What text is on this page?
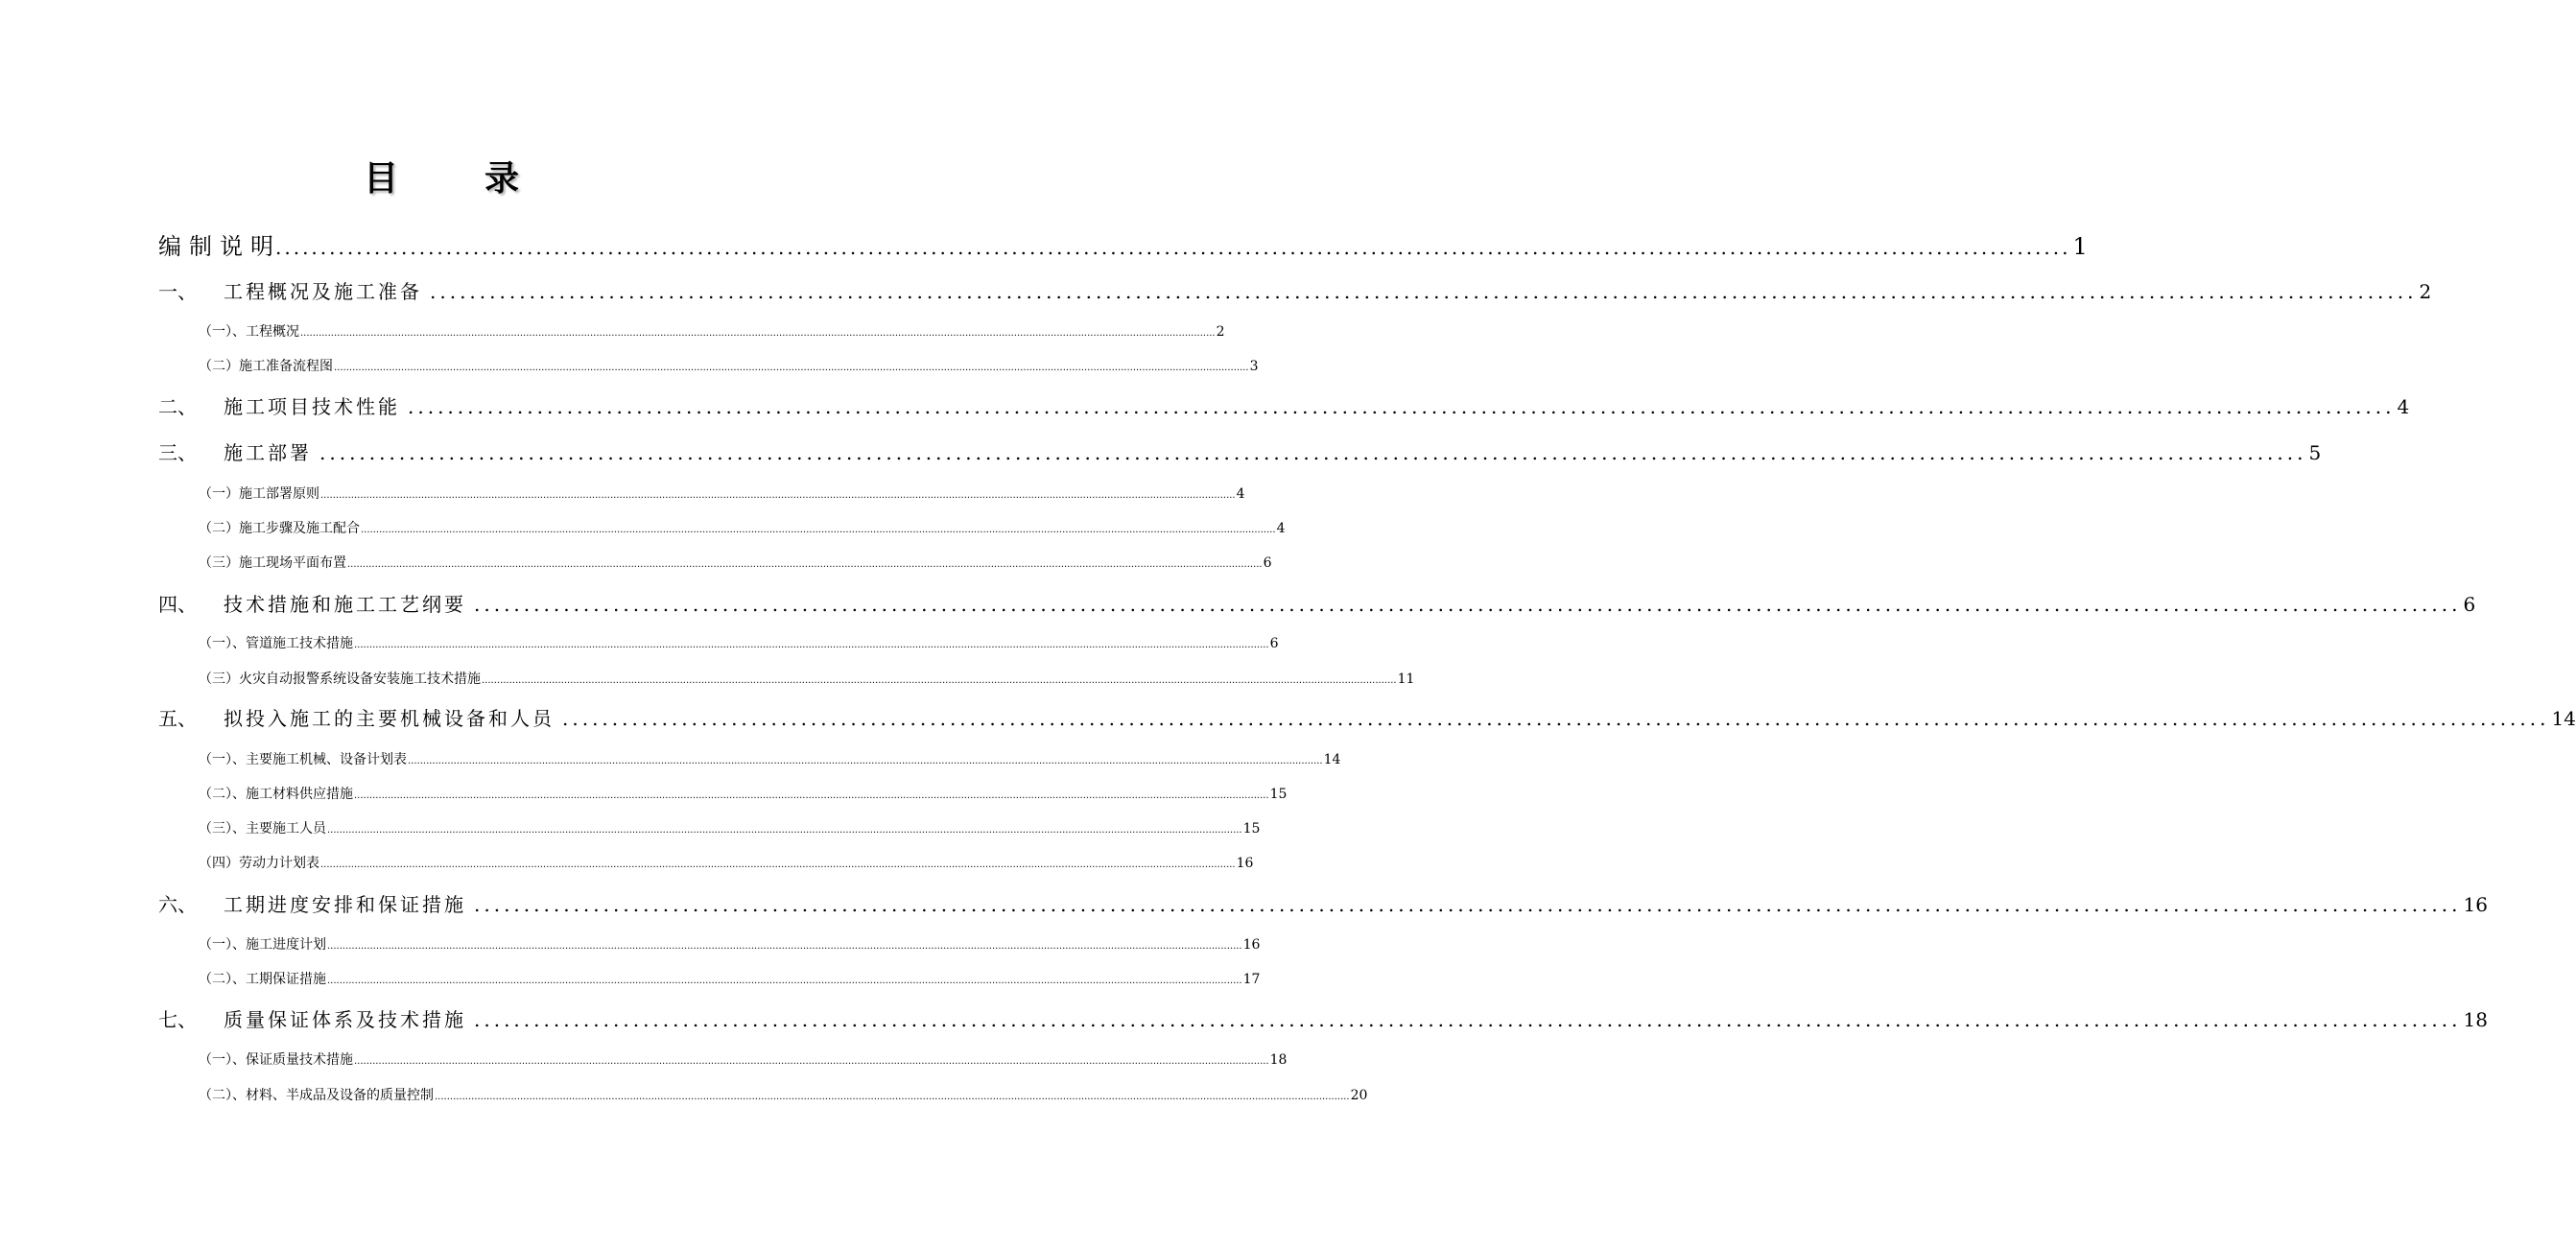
目	录
编制说明
........................................................................................................................................................................................................ 1
一、 工程概况及施工准备 ........................................................................................................................................................................................................ 2
（一）、工程概况 ............................................................................................................................................................................................................................................................................................................ 2
（二）施工准备流程图 ............................................................................................................................................................................................................................................................................................................ 3
二、 施工项目技术性能 ........................................................................................................................................................................................................ 4
三、 施工部署 ........................................................................................................................................................................................................ 5
（一）施工部署原则 ............................................................................................................................................................................................................................................................................................................ 4
（二）施工步骤及施工配合 ............................................................................................................................................................................................................................................................................................................ 4
（三）施工现场平面布置 ............................................................................................................................................................................................................................................................................................................ 6
四、 技术措施和施工工艺纲要 ........................................................................................................................................................................................................ 6
（一）、管道施工技术措施 ............................................................................................................................................................................................................................................................................................................ 6
（三）火灾自动报警系统设备安装施工技术措施 ............................................................................................................................................................................................................................................................................................................ 11
五、 拟投入施工的主要机械设备和人员 ........................................................................................................................................................................................................ 14
（一）、主要施工机械、设备计划表 ............................................................................................................................................................................................................................................................................................................ 14
（二）、施工材料供应措施 ............................................................................................................................................................................................................................................................................................................ 15
（三）、主要施工人员 ............................................................................................................................................................................................................................................................................................................ 15
（四）劳动力计划表 ............................................................................................................................................................................................................................................................................................................ 16
六、 工期进度安排和保证措施 ........................................................................................................................................................................................................ 16
（一）、施工进度计划 ............................................................................................................................................................................................................................................................................................................ 16
（二）、工期保证措施 ............................................................................................................................................................................................................................................................................................................ 17
七、 质量保证体系及技术措施 ........................................................................................................................................................................................................ 18
（一）、保证质量技术措施 ............................................................................................................................................................................................................................................................................................................ 18
（二）、材料、半成品及设备的质量控制 ............................................................................................................................................................................................................................................................................................................ 20
